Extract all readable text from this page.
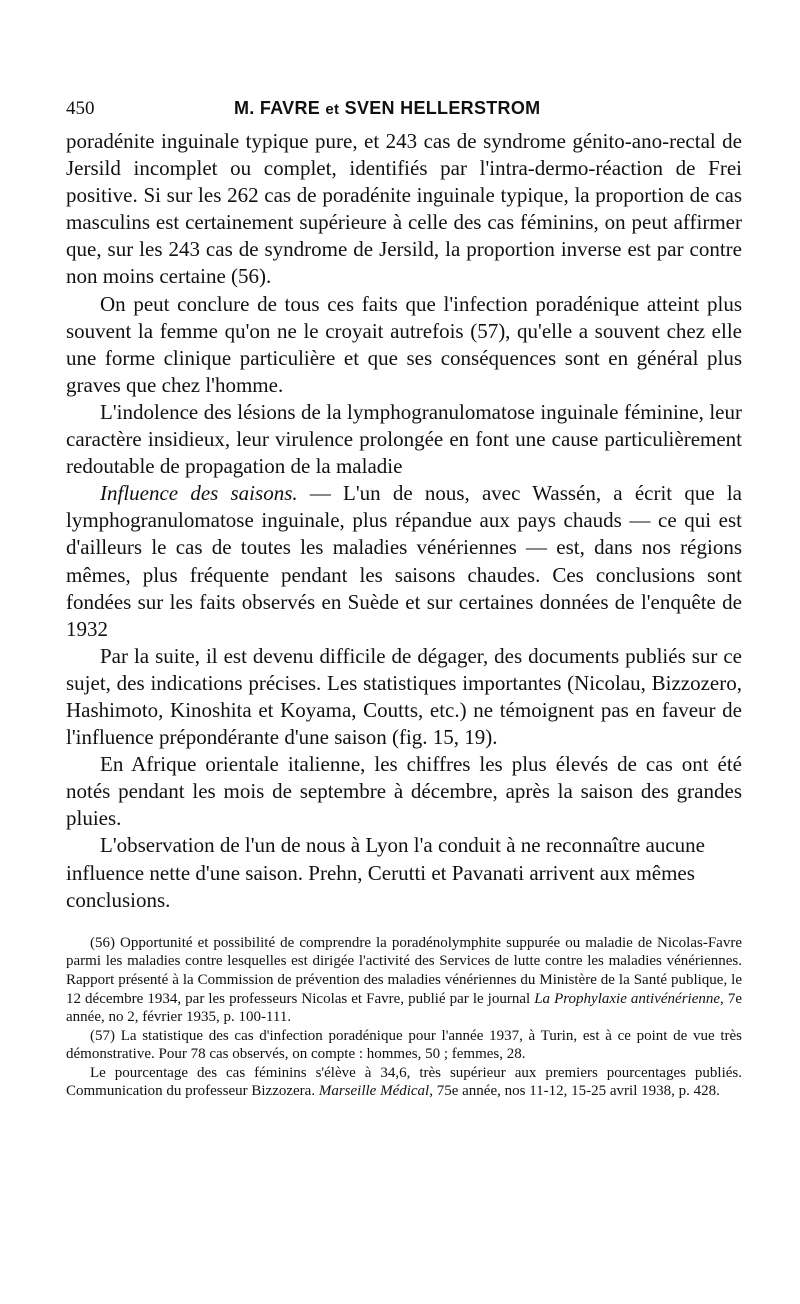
450	M. FAVRE et SVEN HELLERSTROM

poradénite inguinale typique pure, et 243 cas de syndrome génito-ano-rectal de Jersild incomplet ou complet, identifiés par l'intra-dermo-réaction de Frei positive. Si sur les 262 cas de poradénite inguinale typique, la proportion de cas masculins est certainement supérieure à celle des cas féminins, on peut affirmer que, sur les 243 cas de syndrome de Jersild, la proportion inverse est par contre non moins certaine (56).

On peut conclure de tous ces faits que l'infection poradénique atteint plus souvent la femme qu'on ne le croyait autrefois (57), qu'elle a souvent chez elle une forme clinique particulière et que ses conséquences sont en général plus graves que chez l'homme.

L'indolence des lésions de la lymphogranulomatose inguinale féminine, leur caractère insidieux, leur virulence prolongée en font une cause particulièrement redoutable de propagation de la maladie

Influence des saisons. — L'un de nous, avec Wassén, a écrit que la lymphogranulomatose inguinale, plus répandue aux pays chauds — ce qui est d'ailleurs le cas de toutes les maladies vénériennes — est, dans nos régions mêmes, plus fréquente pendant les saisons chaudes. Ces conclusions sont fondées sur les faits observés en Suède et sur certaines données de l'enquête de 1932

Par la suite, il est devenu difficile de dégager, des documents publiés sur ce sujet, des indications précises. Les statistiques importantes (Nicolau, Bizzozero, Hashimoto, Kinoshita et Koyama, Coutts, etc.) ne témoignent pas en faveur de l'influence prépondérante d'une saison (fig. 15, 19).

En Afrique orientale italienne, les chiffres les plus élevés de cas ont été notés pendant les mois de septembre à décembre, après la saison des grandes pluies.

L'observation de l'un de nous à Lyon l'a conduit à ne reconnaître aucune influence nette d'une saison. Prehn, Cerutti et Pavanati arrivent aux mêmes conclusions.

(56) Opportunité et possibilité de comprendre la poradénolymphite suppurée ou maladie de Nicolas-Favre parmi les maladies contre lesquelles est dirigée l'activité des Services de lutte contre les maladies vénériennes. Rapport présenté à la Commission de prévention des maladies vénériennes du Ministère de la Santé publique, le 12 décembre 1934, par les professeurs Nicolas et Favre, publié par le journal La Prophylaxie antivénérienne, 7e année, no 2, février 1935, p. 100-111.

(57) La statistique des cas d'infection poradénique pour l'année 1937, à Turin, est à ce point de vue très démonstrative. Pour 78 cas observés, on compte : hommes, 50 ; femmes, 28.

Le pourcentage des cas féminins s'élève à 34,6, très supérieur aux premiers pourcentages publiés. Communication du professeur Bizzozera. Marseille Médical, 75e année, nos 11-12, 15-25 avril 1938, p. 428.
